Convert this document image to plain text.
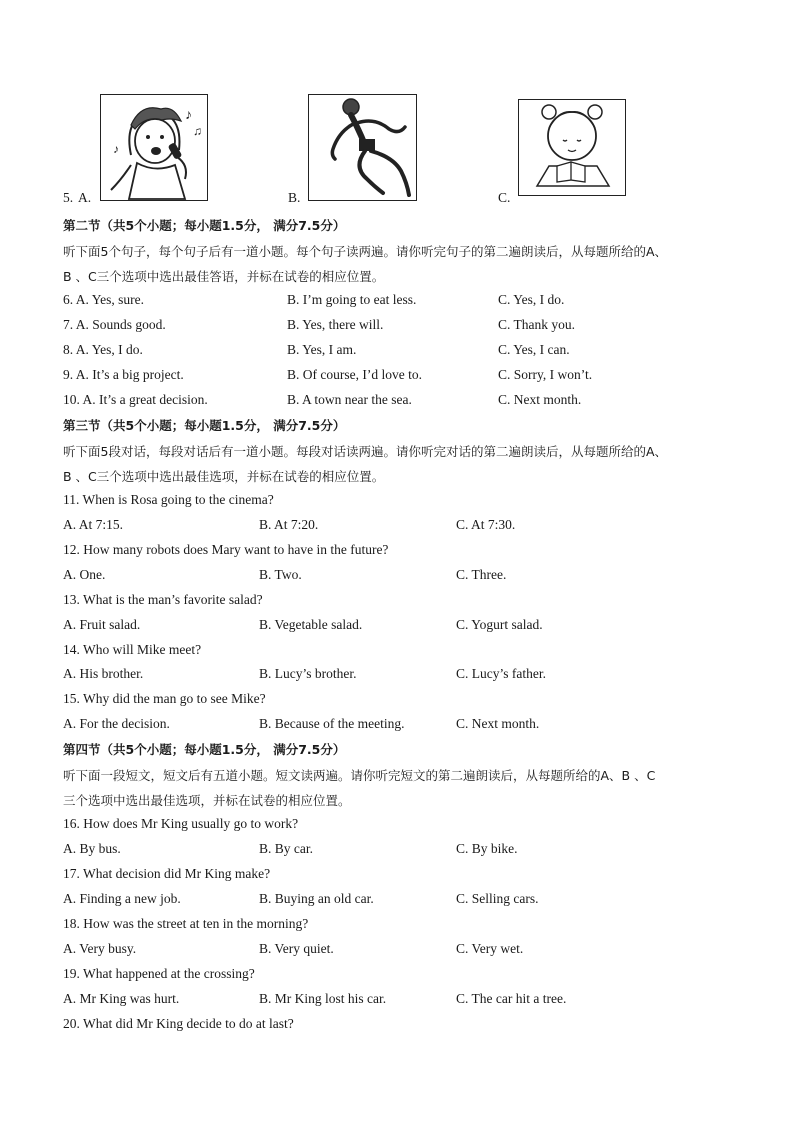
5. A.
♪
♫
♪
B.	C.
第二节（共5个小题；每小题1.5分， 满分7.5分）
听下面5个句子，每个句子后有一道小题。每个句子读两遍。请你听完句子的第二遍朗读后，从每题所给的A、
B 、C三个选项中选出最佳答语，并标在试卷的相应位置。
6. A. Yes, sure.	B. I’m going to eat less.	C. Yes, I do.
7. A. Sounds good.	B. Yes, there will.	C. Thank you.
8. A. Yes, I do.	B. Yes, I am.	C. Yes, I can.
9. A. It’s a big project.	B. Of course, I’d love to.	C. Sorry, I won’t.
10. A. It’s a great decision.	B. A town near the sea.	C. Next month.
第三节（共5个小题；每小题1.5分， 满分7.5分）
听下面5段对话，每段对话后有一道小题。每段对话读两遍。请你听完对话的第二遍朗读后，从每题所给的A、
B 、C三个选项中选出最佳选项，并标在试卷的相应位置。
11. When is Rosa going to the cinema?
A. At 7:15.	B. At 7:20.	C. At 7:30.
12. How many robots does Mary want to have in the future?
A. One.	B. Two.	C. Three.
13. What is the man’s favorite salad?
A. Fruit salad.	B. Vegetable salad.	C. Yogurt salad.
14. Who will Mike meet?
A. His brother.	B. Lucy’s brother.	C. Lucy’s father.
15. Why did the man go to see Mike?
A. For the decision.	B. Because of the meeting.	C. Next month.
第四节（共5个小题；每小题1.5分， 满分7.5分）
听下面一段短文，短文后有五道小题。短文读两遍。请你听完短文的第二遍朗读后，从每题所给的A、B 、C
三个选项中选出最佳选项，并标在试卷的相应位置。
16. How does Mr King usually go to work?
A. By bus.	B. By car.	C. By bike.
17. What decision did Mr King make?
A. Finding a new job.	B. Buying an old car.	C. Selling cars.
18. How was the street at ten in the morning?
A. Very busy.	B. Very quiet.	C. Very wet.
19. What happened at the crossing?
A. Mr King was hurt.	B. Mr King lost his car.	C. The car hit a tree.
20. What did Mr King decide to do at last?
